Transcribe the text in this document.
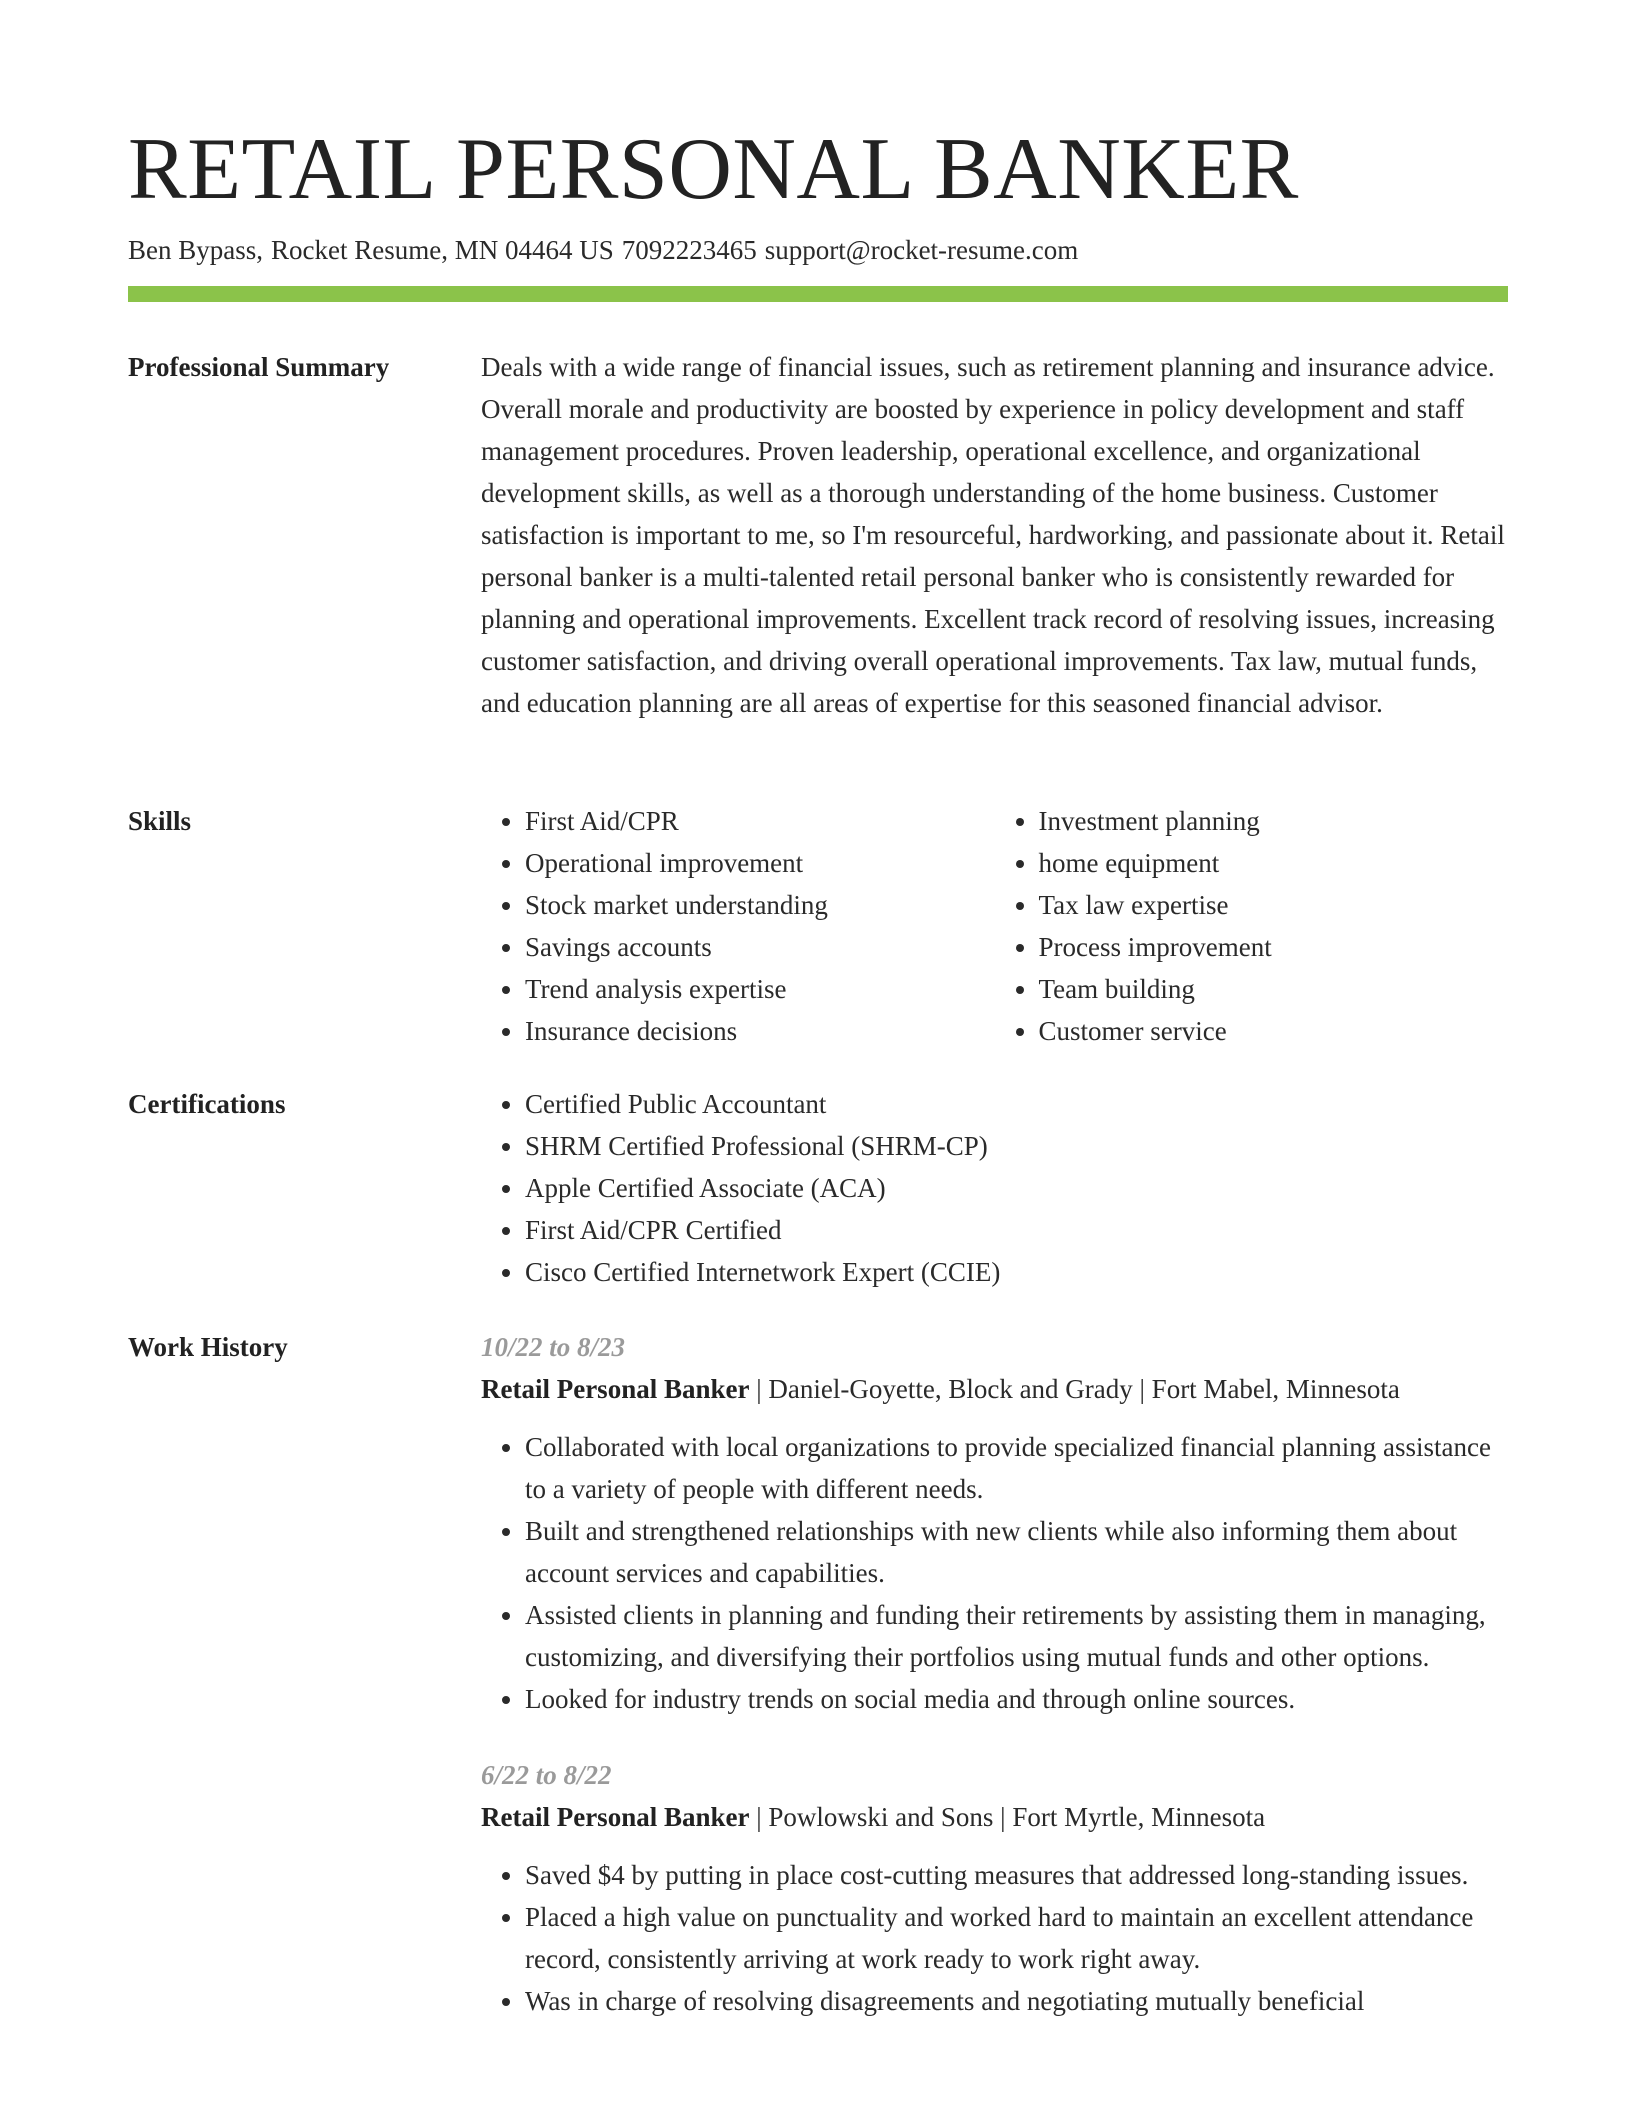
RETAIL PERSONAL BANKER
Ben Bypass, Rocket Resume, MN 04464 US 7092223465 support@rocket-resume.com
Professional Summary	Deals with a wide range of financial issues, such as retirement planning and insurance advice. Overall morale and productivity are boosted by experience in policy development and staff management procedures. Proven leadership, operational excellence, and organizational development skills, as well as a thorough understanding of the home business. Customer satisfaction is important to me, so I'm resourceful, hardworking, and passionate about it. Retail personal banker is a multi-talented retail personal banker who is consistently rewarded for planning and operational improvements. Excellent track record of resolving issues, increasing customer satisfaction, and driving overall operational improvements. Tax law, mutual funds, and education planning are all areas of expertise for this seasoned financial advisor.

Skills	• First Aid/CPR
• Operational improvement
• Stock market understanding
• Savings accounts
• Trend analysis expertise
• Insurance decisions
• Investment planning
• home equipment
• Tax law expertise
• Process improvement
• Team building
• Customer service
Certifications	• Certified Public Accountant
• SHRM Certified Professional (SHRM-CP)
• Apple Certified Associate (ACA)
• First Aid/CPR Certified
• Cisco Certified Internetwork Expert (CCIE)
Work History	10/22 to 8/23
Retail Personal Banker | Daniel-Goyette, Block and Grady | Fort Mabel, Minnesota
• Collaborated with local organizations to provide specialized financial planning assistance to a variety of people with different needs.
• Built and strengthened relationships with new clients while also informing them about account services and capabilities.
• Assisted clients in planning and funding their retirements by assisting them in managing, customizing, and diversifying their portfolios using mutual funds and other options.
• Looked for industry trends on social media and through online sources.
6/22 to 8/22
Retail Personal Banker | Powlowski and Sons | Fort Myrtle, Minnesota
• Saved $4 by putting in place cost-cutting measures that addressed long-standing issues.
• Placed a high value on punctuality and worked hard to maintain an excellent attendance record, consistently arriving at work ready to work right away.
• Was in charge of resolving disagreements and negotiating mutually beneficial
